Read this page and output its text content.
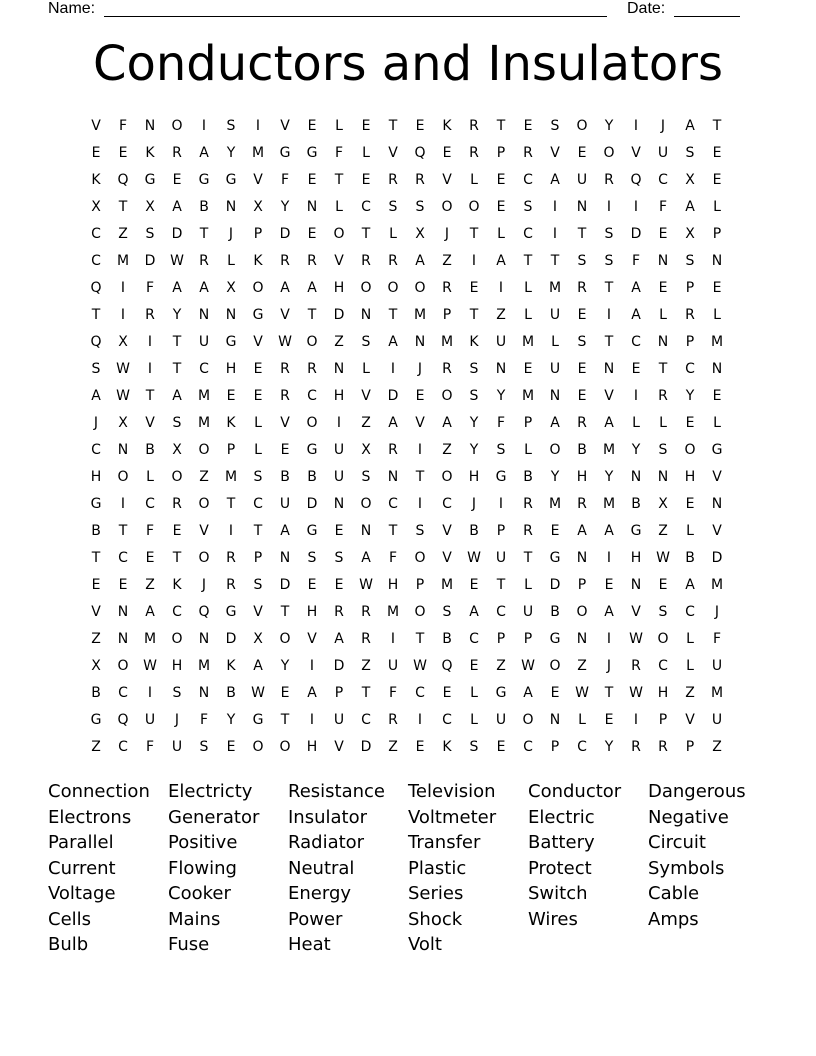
Name:	Date:
Conductors and Insulators
V	F	N	O	I	S	I	V	E	L	E	T	E	K	R	T	E	S	O	Y	I	J	A	T
E	E	K	R	A	Y	M	G	G	F	L	V	Q	E	R	P	R	V	E	O	V	U	S	E
K	Q	G	E	G	G	V	F	E	T	E	R	R	V	L	E	C	A	U	R	Q	C	X	E
X	T	X	A	B	N	X	Y	N	L	C	S	S	O	O	E	S	I	N	I	I	F	A	L
C	Z	S	D	T	J	P	D	E	O	T	L	X	J	T	L	C	I	T	S	D	E	X	P
C	M	D	W	R	L	K	R	R	V	R	R	A	Z	I	A	T	T	S	S	F	N	S	N
Q	I	F	A	A	X	O	A	A	H	O	O	O	R	E	I	L	M	R	T	A	E	P	E
T	I	R	Y	N	N	G	V	T	D	N	T	M	P	T	Z	L	U	E	I	A	L	R	L
Q	X	I	T	U	G	V	W	O	Z	S	A	N	M	K	U	M	L	S	T	C	N	P	M
S	W	I	T	C	H	E	R	R	N	L	I	J	R	S	N	E	U	E	N	E	T	C	N
A	W	T	A	M	E	E	R	C	H	V	D	E	O	S	Y	M	N	E	V	I	R	Y	E
J	X	V	S	M	K	L	V	O	I	Z	A	V	A	Y	F	P	A	R	A	L	L	E	L
C	N	B	X	O	P	L	E	G	U	X	R	I	Z	Y	S	L	O	B	M	Y	S	O	G
H	O	L	O	Z	M	S	B	B	U	S	N	T	O	H	G	B	Y	H	Y	N	N	H	V
G	I	C	R	O	T	C	U	D	N	O	C	I	C	J	I	R	M	R	M	B	X	E	N
B	T	F	E	V	I	T	A	G	E	N	T	S	V	B	P	R	E	A	A	G	Z	L	V
T	C	E	T	O	R	P	N	S	S	A	F	O	V	W	U	T	G	N	I	H	W	B	D
E	E	Z	K	J	R	S	D	E	E	W	H	P	M	E	T	L	D	P	E	N	E	A	M
V	N	A	C	Q	G	V	T	H	R	R	M	O	S	A	C	U	B	O	A	V	S	C	J
Z	N	M	O	N	D	X	O	V	A	R	I	T	B	C	P	P	G	N	I	W	O	L	F
X	O	W	H	M	K	A	Y	I	D	Z	U	W	Q	E	Z	W	O	Z	J	R	C	L	U
B	C	I	S	N	B	W	E	A	P	T	F	C	E	L	G	A	E	W	T	W	H	Z	M
G	Q	U	J	F	Y	G	T	I	U	C	R	I	C	L	U	O	N	L	E	I	P	V	U
Z	C	F	U	S	E	O	O	H	V	D	Z	E	K	S	E	C	P	C	Y	R	R	P	Z
Connection
Electrons
Parallel
Current
Voltage
Cells
Bulb
Electricty
Generator
Positive
Flowing
Cooker
Mains
Fuse
Resistance
Insulator
Radiator
Neutral
Energy
Power
Heat
Television
Voltmeter
Transfer
Plastic
Series
Shock
Volt
Conductor
Electric
Battery
Protect
Switch
Wires
Dangerous
Negative
Circuit
Symbols
Cable
Amps
